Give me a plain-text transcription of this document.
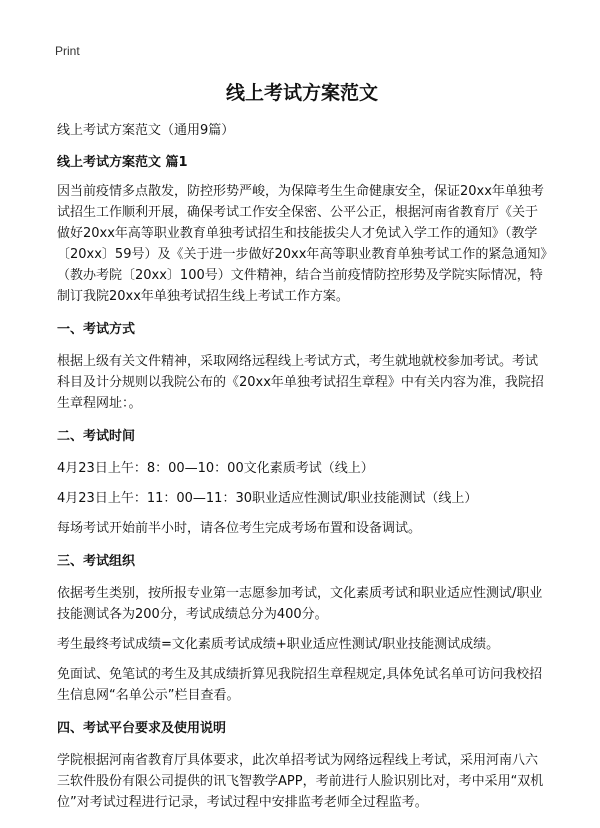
Print
线上考试方案范文
线上考试方案范文（通用9篇）
线上考试方案范文 篇1

因当前疫情多点散发，防控形势严峻，为保障考生生命健康安全，保证20xx年单独考试招生工作顺利开展，确保考试工作安全保密、公平公正，根据河南省教育厅《关于做好20xx年高等职业教育单独考试招生和技能拔尖人才免试入学工作的通知》（教学〔20xx〕59号）及《关于进一步做好20xx年高等职业教育单独考试工作的紧急通知》（教办考院〔20xx〕100号）文件精神，结合当前疫情防控形势及学院实际情况，特制订我院20xx年单独考试招生线上考试工作方案。

一、考试方式

根据上级有关文件精神，采取网络远程线上考试方式，考生就地就校参加考试。考试科目及计分规则以我院公布的《20xx年单独考试招生章程》中有关内容为准，我院招生章程网址：。

二、考试时间

4月23日上午：8：00—10：00文化素质考试（线上）

4月23日上午：11：00—11：30职业适应性测试/职业技能测试（线上）

每场考试开始前半小时，请各位考生完成考场布置和设备调试。

三、考试组织

依据考生类别，按所报专业第一志愿参加考试，文化素质考试和职业适应性测试/职业技能测试各为200分，考试成绩总分为400分。

考生最终考试成绩=文化素质考试成绩+职业适应性测试/职业技能测试成绩。

免面试、免笔试的考生及其成绩折算见我院招生章程规定,具体免试名单可访问我校招生信息网“名单公示”栏目查看。

四、考试平台要求及使用说明

学院根据河南省教育厅具体要求，此次单招考试为网络远程线上考试，采用河南八六三软件股份有限公司提供的讯飞智教学APP，考前进行人脸识别比对，考中采用“双机位”对考试过程进行记录，考试过程中安排监考老师全过程监考。
